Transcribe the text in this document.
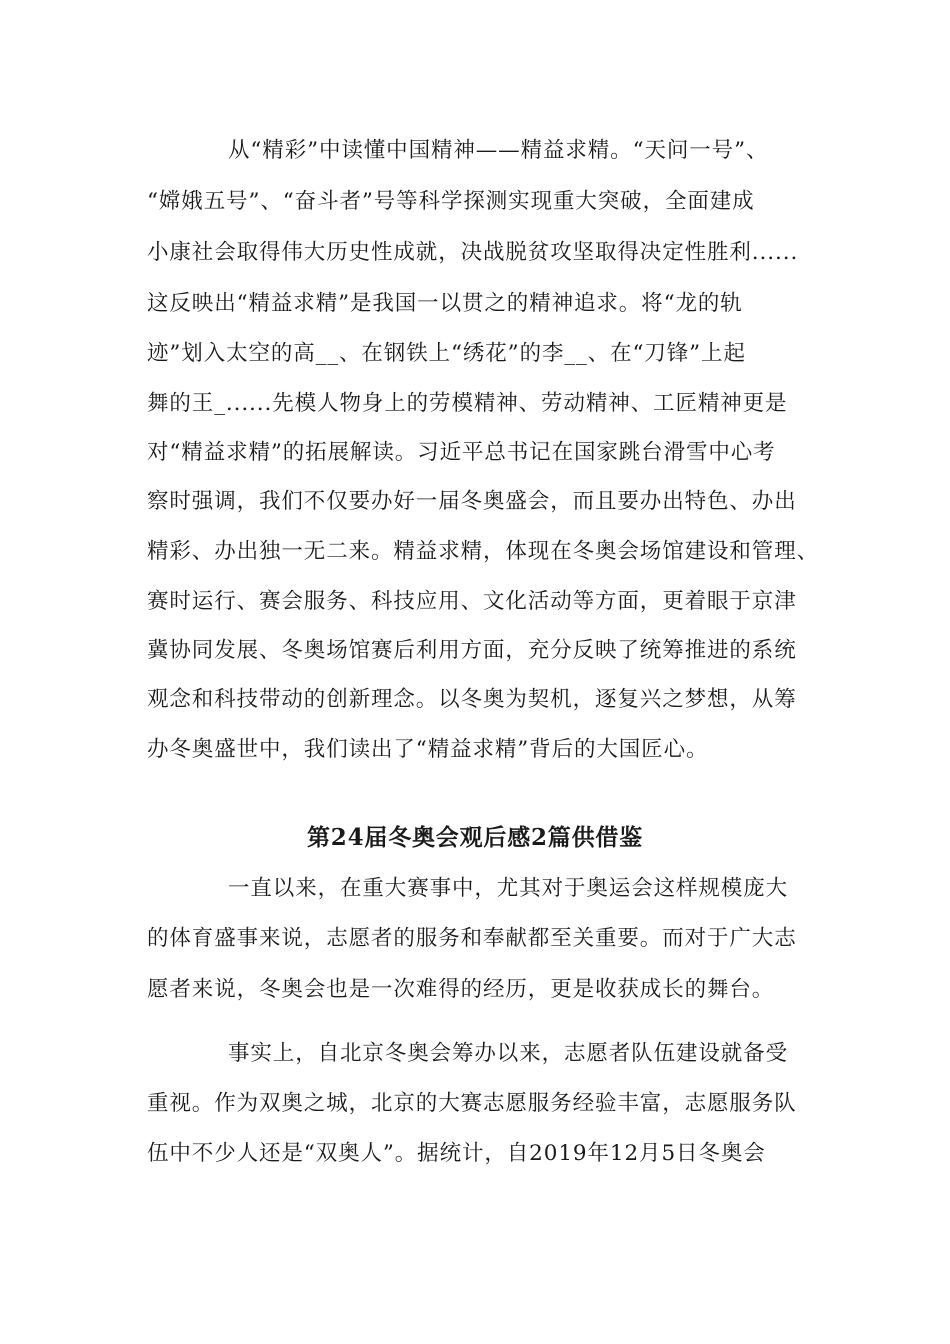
从“精彩”中读懂中国精神——精益求精。“天问一号”、
“嫦娥五号”、“奋斗者”号等科学探测实现重大突破，全面建成
小康社会取得伟大历史性成就，决战脱贫攻坚取得决定性胜利......
这反映出“精益求精”是我国一以贯之的精神追求。将“龙的轨
迹”划入太空的高__、在钢铁上“绣花”的李__、在“刀锋”上起
舞的王_......先模人物身上的劳模精神、劳动精神、工匠精神更是
对“精益求精”的拓展解读。习近平总书记在国家跳台滑雪中心考
察时强调，我们不仅要办好一届冬奥盛会，而且要办出特色、办出
精彩、办出独一无二来。精益求精，体现在冬奥会场馆建设和管理、
赛时运行、赛会服务、科技应用、文化活动等方面，更着眼于京津
冀协同发展、冬奥场馆赛后利用方面，充分反映了统筹推进的系统
观念和科技带动的创新理念。以冬奥为契机，逐复兴之梦想，从筹
办冬奥盛世中，我们读出了“精益求精”背后的大国匠心。
第24届冬奥会观后感2篇供借鉴
一直以来，在重大赛事中，尤其对于奥运会这样规模庞大
的体育盛事来说，志愿者的服务和奉献都至关重要。而对于广大志
愿者来说，冬奥会也是一次难得的经历，更是收获成长的舞台。
事实上，自北京冬奥会筹办以来，志愿者队伍建设就备受
重视。作为双奥之城，北京的大赛志愿服务经验丰富，志愿服务队
伍中不少人还是“双奥人”。据统计，自2019年12月5日冬奥会
